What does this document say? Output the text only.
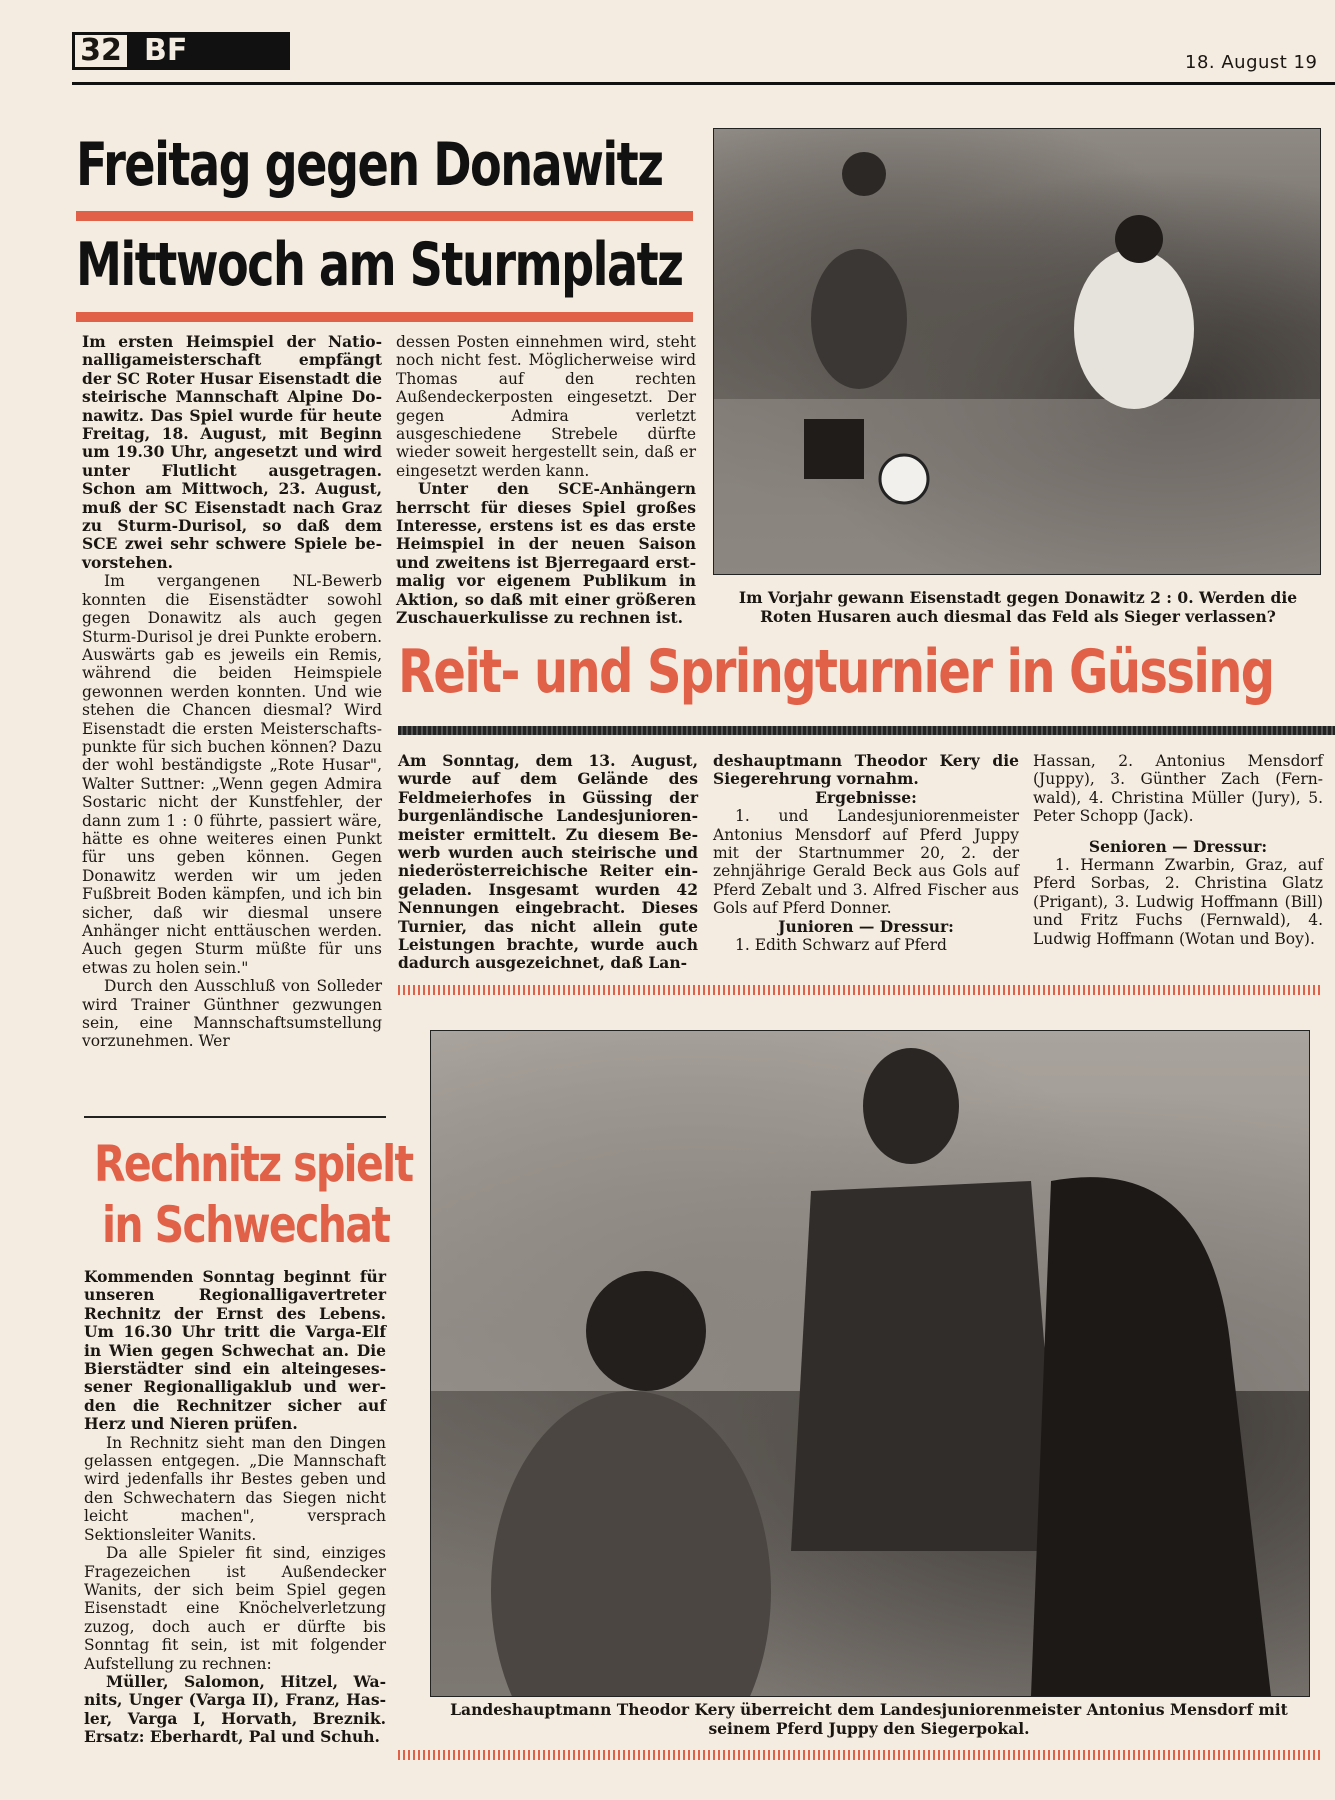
32 BF	18. August 19
Freitag gegen Donawitz
Mittwoch am Sturmplatz

Im ersten Heimspiel der Nationalligameisterschaft empfängt der SC Roter Husar Eisenstadt die steirische Mannschaft Alpine Donawitz. Das Spiel wurde für heute Freitag, 18. August, mit Beginn um 19.30 Uhr, angesetzt und wird unter Flutlicht ausgetragen. Schon am Mittwoch, 23. August, muß der SC Eisenstadt nach Graz zu Sturm-Durisol, so daß dem SCE zwei sehr schwere Spiele bevorstehen.

Im vergangenen NL-Bewerb konnten die Eisenstädter sowohl gegen Donawitz als auch gegen Sturm-Durisol je drei Punkte erobern. Auswärts gab es jeweils ein Remis, während die beiden Heimspiele gewonnen werden konnten. Und wie stehen die Chancen diesmal? Wird Eisenstadt die ersten Meisterschaftspunkte für sich buchen können? Dazu der wohl beständigste „Rote Husar", Walter Suttner: „Wenn gegen Admira Sostaric nicht der Kunstfehler, der dann zum 1 : 0 führte, passiert wäre, hätte es ohne weiteres einen Punkt für uns geben können. Gegen Donawitz werden wir um jeden Fußbreit Boden kämpfen, und ich bin sicher, daß wir diesmal unsere Anhänger nicht enttäuschen werden. Auch gegen Sturm müßte für uns etwas zu holen sein."

Durch den Ausschluß von Solleder wird Trainer Günthner gezwungen sein, eine Mannschaftsumstellung vorzunehmen. Wer

dessen Posten einnehmen wird, steht noch nicht fest. Möglicherweise wird Thomas auf den rechten Außendeckerposten eingesetzt. Der gegen Admira verletzt ausgeschiedene Strebele dürfte wieder soweit hergestellt sein, daß er eingesetzt werden kann.

Unter den SCE-Anhängern herrscht für dieses Spiel großes Interesse, erstens ist es das erste Heimspiel in der neuen Saison und zweitens ist Bjerregaard erstmalig vor eigenem Publikum in Aktion, so daß mit einer größeren Zuschauerkulisse zu rechnen ist.

Im Vorjahr gewann Eisenstadt gegen Donawitz 2 : 0. Werden die Roten Husaren auch diesmal das Feld als Sieger verlassen?
Reit- und Springturnier in Güssing
Am Sonntag, dem 13. August, wurde auf dem Gelände des Feldmeierhofes in Güssing der burgenländische Landesjuniorenmeister ermittelt. Zu diesem Bewerb wurden auch steirische und niederösterreichische Reiter eingeladen. Insgesamt wurden 42 Nennungen eingebracht. Dieses Turnier, das nicht allein gute Leistungen brachte, wurde auch dadurch ausgezeichnet, daß Lan-

deshauptmann Theodor Kery die Siegerehrung vornahm.

Ergebnisse:

1. und Landesjuniorenmeister Antonius Mensdorf auf Pferd Juppy mit der Startnummer 20, 2. der zehnjährige Gerald Beck aus Gols auf Pferd Zebalt und 3. Alfred Fischer aus Gols auf Pferd Donner.

Junioren — Dressur:

1. Edith Schwarz auf Pferd

Hassan, 2. Antonius Mensdorf (Juppy), 3. Günther Zach (Fernwald), 4. Christina Müller (Jury), 5. Peter Schopp (Jack).

Senioren — Dressur:

1. Hermann Zwarbin, Graz, auf Pferd Sorbas, 2. Christina Glatz (Prigant), 3. Ludwig Hoffmann (Bill) und Fritz Fuchs (Fernwald), 4. Ludwig Hoffmann (Wotan und Boy).

Landeshauptmann Theodor Kery überreicht dem Landesjuniorenmeister Antonius Mensdorf mit seinem Pferd Juppy den Siegerpokal.
Rechnitz spielt
in Schwechat

Kommenden Sonntag beginnt für unseren Regionalligavertreter Rechnitz der Ernst des Lebens. Um 16.30 Uhr tritt die Varga-Elf in Wien gegen Schwechat an. Die Bierstädter sind ein alteingesessener Regionalligaklub und werden die Rechnitzer sicher auf Herz und Nieren prüfen.

In Rechnitz sieht man den Dingen gelassen entgegen. „Die Mannschaft wird jedenfalls ihr Bestes geben und den Schwechatern das Siegen nicht leicht machen", versprach Sektionsleiter Wanits.

Da alle Spieler fit sind, einziges Fragezeichen ist Außendecker Wanits, der sich beim Spiel gegen Eisenstadt eine Knöchelverletzung zuzog, doch auch er dürfte bis Sonntag fit sein, ist mit folgender Aufstellung zu rechnen:

Müller, Salomon, Hitzel, Wanits, Unger (Varga II), Franz, Hasler, Varga I, Horvath, Breznik. Ersatz: Eberhardt, Pal und Schuh.
